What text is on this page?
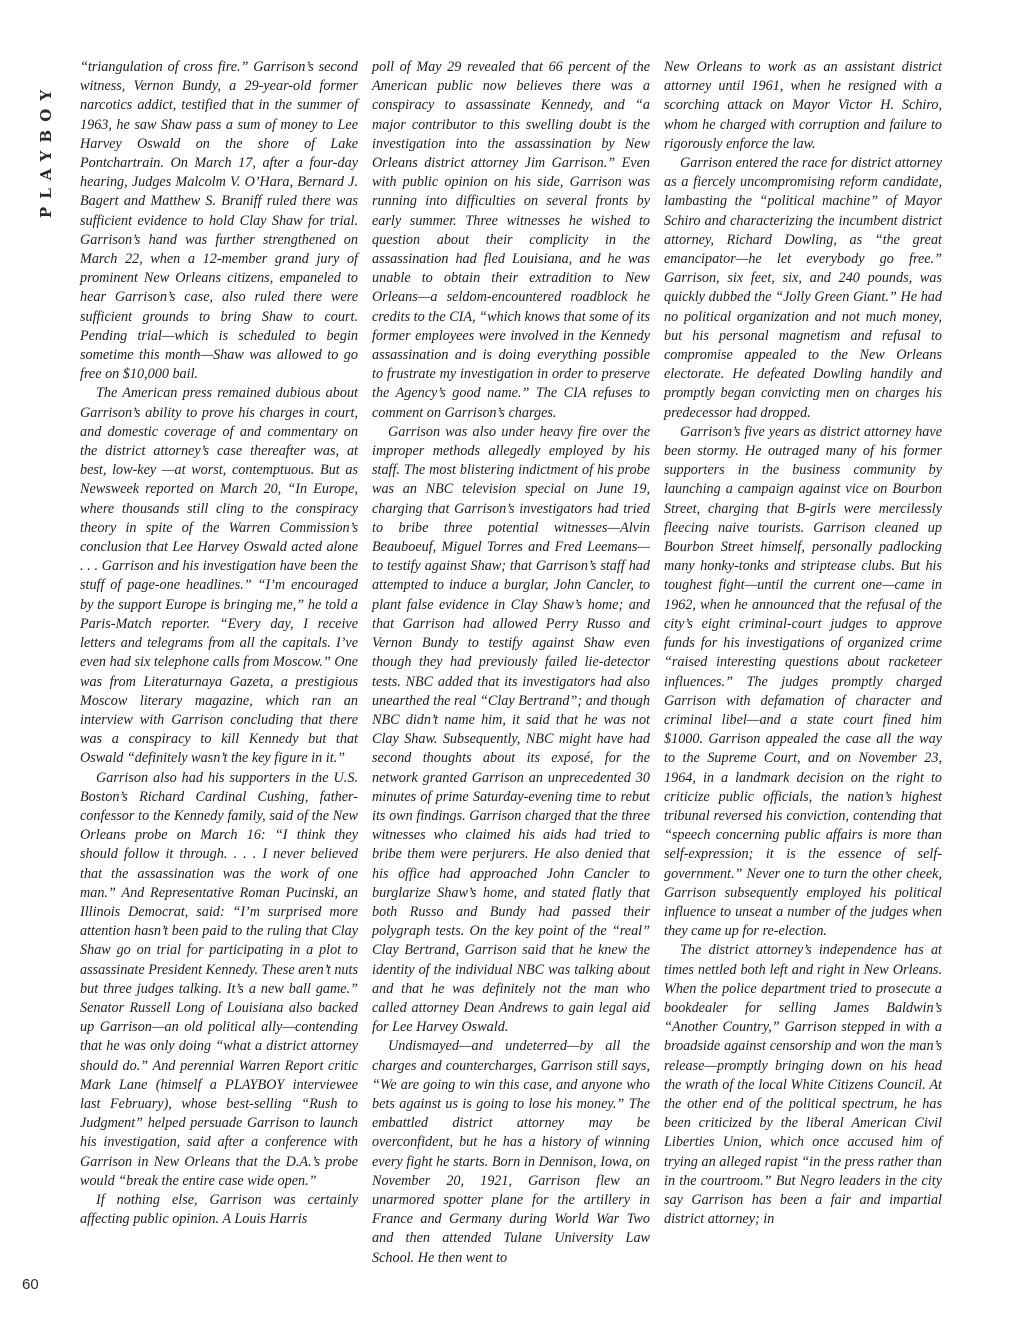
PLAYBOY
60

“triangulation of cross fire.” Garrison’s second witness, Vernon Bundy, a 29-year-old former narcotics addict, testified that in the summer of 1963, he saw Shaw pass a sum of money to Lee Harvey Oswald on the shore of Lake Pontchartrain. On March 17, after a four-day hearing, Judges Malcolm V. O’Hara, Bernard J. Bagert and Matthew S. Braniff ruled there was sufficient evidence to hold Clay Shaw for trial. Garrison’s hand was further strengthened on March 22, when a 12-member grand jury of prominent New Orleans citizens, empaneled to hear Garrison’s case, also ruled there were sufficient grounds to bring Shaw to court. Pending trial—which is scheduled to begin sometime this month—Shaw was allowed to go free on $10,000 bail.

The American press remained dubious about Garrison’s ability to prove his charges in court, and domestic coverage of and commentary on the district attorney’s case thereafter was, at best, low-key —at worst, contemptuous. But as Newsweek reported on March 20, “In Europe, where thousands still cling to the conspiracy theory in spite of the Warren Commission’s conclusion that Lee Harvey Oswald acted alone . . . Garrison and his investigation have been the stuff of page-one headlines.” “I’m encouraged by the support Europe is bringing me,” he told a Paris-Match reporter. “Every day, I receive letters and telegrams from all the capitals. I’ve even had six telephone calls from Moscow.” One was from Literaturnaya Gazeta, a prestigious Moscow literary magazine, which ran an interview with Garrison concluding that there was a conspiracy to kill Kennedy but that Oswald “definitely wasn’t the key figure in it.”

Garrison also had his supporters in the U.S. Boston’s Richard Cardinal Cushing, father-confessor to the Kennedy family, said of the New Orleans probe on March 16: “I think they should follow it through. . . . I never believed that the assassination was the work of one man.” And Representative Roman Pucinski, an Illinois Democrat, said: “I’m surprised more attention hasn’t been paid to the ruling that Clay Shaw go on trial for participating in a plot to assassinate President Kennedy. These aren’t nuts but three judges talking. It’s a new ball game.” Senator Russell Long of Louisiana also backed up Garrison—an old political ally—contending that he was only doing “what a district attorney should do.” And perennial Warren Report critic Mark Lane (himself a PLAYBOY interviewee last February), whose best-selling “Rush to Judgment” helped persuade Garrison to launch his investigation, said after a conference with Garrison in New Orleans that the D.A.’s probe would “break the entire case wide open.”

If nothing else, Garrison was certainly affecting public opinion. A Louis Harris

poll of May 29 revealed that 66 percent of the American public now believes there was a conspiracy to assassinate Kennedy, and “a major contributor to this swelling doubt is the investigation into the assassination by New Orleans district attorney Jim Garrison.” Even with public opinion on his side, Garrison was running into difficulties on several fronts by early summer. Three witnesses he wished to question about their complicity in the assassination had fled Louisiana, and he was unable to obtain their extradition to New Orleans—a seldom-encountered roadblock he credits to the CIA, “which knows that some of its former employees were involved in the Kennedy assassination and is doing everything possible to frustrate my investigation in order to preserve the Agency’s good name.” The CIA refuses to comment on Garrison’s charges.

Garrison was also under heavy fire over the improper methods allegedly employed by his staff. The most blistering indictment of his probe was an NBC television special on June 19, charging that Garrison’s investigators had tried to bribe three potential witnesses—Alvin Beauboeuf, Miguel Torres and Fred Leemans—to testify against Shaw; that Garrison’s staff had attempted to induce a burglar, John Cancler, to plant false evidence in Clay Shaw’s home; and that Garrison had allowed Perry Russo and Vernon Bundy to testify against Shaw even though they had previously failed lie-detector tests. NBC added that its investigators had also unearthed the real “Clay Bertrand”; and though NBC didn’t name him, it said that he was not Clay Shaw. Subsequently, NBC might have had second thoughts about its exposé, for the network granted Garrison an unprecedented 30 minutes of prime Saturday-evening time to rebut its own findings. Garrison charged that the three witnesses who claimed his aids had tried to bribe them were perjurers. He also denied that his office had approached John Cancler to burglarize Shaw’s home, and stated flatly that both Russo and Bundy had passed their polygraph tests. On the key point of the “real” Clay Bertrand, Garrison said that he knew the identity of the individual NBC was talking about and that he was definitely not the man who called attorney Dean Andrews to gain legal aid for Lee Harvey Oswald.

Undismayed—and undeterred—by all the charges and countercharges, Garrison still says, “We are going to win this case, and anyone who bets against us is going to lose his money.” The embattled district attorney may be overconfident, but he has a history of winning every fight he starts. Born in Dennison, Iowa, on November 20, 1921, Garrison flew an unarmored spotter plane for the artillery in France and Germany during World War Two and then attended Tulane University Law School. He then went to

New Orleans to work as an assistant district attorney until 1961, when he resigned with a scorching attack on Mayor Victor H. Schiro, whom he charged with corruption and failure to rigorously enforce the law.

Garrison entered the race for district attorney as a fiercely uncompromising reform candidate, lambasting the “political machine” of Mayor Schiro and characterizing the incumbent district attorney, Richard Dowling, as “the great emancipator—he let everybody go free.” Garrison, six feet, six, and 240 pounds, was quickly dubbed the “Jolly Green Giant.” He had no political organization and not much money, but his personal magnetism and refusal to compromise appealed to the New Orleans electorate. He defeated Dowling handily and promptly began convicting men on charges his predecessor had dropped.

Garrison’s five years as district attorney have been stormy. He outraged many of his former supporters in the business community by launching a campaign against vice on Bourbon Street, charging that B-girls were mercilessly fleecing naive tourists. Garrison cleaned up Bourbon Street himself, personally padlocking many honky-tonks and striptease clubs. But his toughest fight—until the current one—came in 1962, when he announced that the refusal of the city’s eight criminal-court judges to approve funds for his investigations of organized crime “raised interesting questions about racketeer influences.” The judges promptly charged Garrison with defamation of character and criminal libel—and a state court fined him $1000. Garrison appealed the case all the way to the Supreme Court, and on November 23, 1964, in a landmark decision on the right to criticize public officials, the nation’s highest tribunal reversed his conviction, contending that “speech concerning public affairs is more than self-expression; it is the essence of self-government.” Never one to turn the other cheek, Garrison subsequently employed his political influence to unseat a number of the judges when they came up for re-election.

The district attorney’s independence has at times nettled both left and right in New Orleans. When the police department tried to prosecute a bookdealer for selling James Baldwin’s “Another Country,” Garrison stepped in with a broadside against censorship and won the man’s release—promptly bringing down on his head the wrath of the local White Citizens Council. At the other end of the political spectrum, he has been criticized by the liberal American Civil Liberties Union, which once accused him of trying an alleged rapist “in the press rather than in the courtroom.” But Negro leaders in the city say Garrison has been a fair and impartial district attorney; in
